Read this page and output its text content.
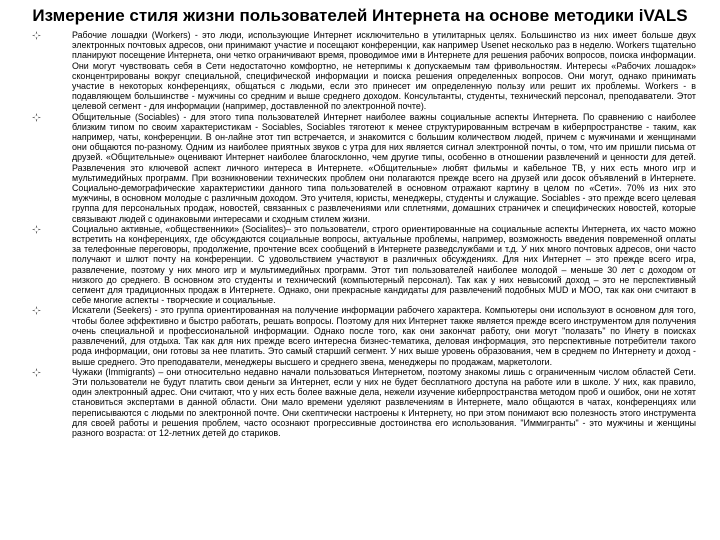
Измерение стиля жизни пользователей Интернета на основе методики iVALS
Рабочие лошадки (Workers) - это люди, использующие Интернет исключительно в утилитарных целях. Большинство из них имеет больше двух электронных почтовых адресов, они принимают участие и посещают конференции, как например Usenet несколько раз в неделю. Workers тщательно планируют посещение Интернета, они четко ограничивают время, проводимое ими в Интернете для решения рабочих вопросов, поиска информации. Они могут чувствовать себя в Сети недостаточно комфортно, не нетерпимы к допускаемым там фривольностям. Интересы «Рабочих лошадок» сконцентрированы вокруг специальной, специфической информации и поиска решения определенных вопросов. Они могут, однако принимать участие в некоторых конференциях, общаться с людьми, если это принесет им определенную пользу или решит их проблемы. Workers - в подавляющем большинстве - мужчины со средним и выше среднего доходом. Консультанты, студенты, технический персонал, преподаватели. Этот целевой сегмент - для информации (например, доставленной по электронной почте).
Общительные (Sociables) - для этого типа пользователей Интернет наиболее важны социальные аспекты Интернета. По сравнению с наиболее близким типом по своим характеристикам - Sociables, Sociables тяготеют к менее структурированным встречам в киберпространстве - таким, как например, чаты, конференции. В он-лайне этот тип встречается, и знакомится с большим количеством людей, причем с мужчинами и женщинами они общаются по-разному. Одним из наиболее приятных звуков с утра для них является сигнал электронной почты, о том, что им пришли письма от друзей. «Общительные» оценивают Интернет наиболее благосклонно, чем другие типы, особенно в отношении развлечений и ценности для детей. Развлечения это ключевой аспект личного интереса в Интернете. «Общительные» любят фильмы и кабельное ТВ, у них есть много игр и мультимедийных программ. При возникновении технических проблем они полагаются прежде всего на друзей или досок объявлений в Интернете. Социально-демографические характеристики данного типа пользователей в основном отражают картину в целом по «Сети». 70% из них это мужчины, в основном молодые с различным доходом. Это учителя, юристы, менеджеры, студенты и служащие. Sociables - это прежде всего целевая группа для персональных продаж, новостей, связанных с развлечениями или сплетнями, домашних страничек и специфических новостей, которые связывают людей с одинаковыми интересами и сходным стилем жизни.
Социально активные, «общественники» (Socialites)– это пользователи, строго ориентированные на социальные аспекты Интернета, их часто можно встретить на конференциях, где обсуждаются социальные вопросы, актуальные проблемы, например, возможность введения повременной оплаты за телефонные переговоры, продолжение, прочтение всех сообщений в Интернете разведслужбами и т.д. У них много почтовых адресов, они часто получают и шлют почту на конференции. С удовольствием участвуют в различных обсуждениях. Для них Интернет – это прежде всего игра, развлечение, поэтому у них много игр и мультимедийных программ. Этот тип пользователей наиболее молодой – меньше 30 лет с доходом от низкого до среднего. В основном это студенты и технический (компьютерный персонал). Так как у них невысокий доход – это не перспективный сегмент для традиционных продаж в Интернете. Однако, они прекрасные кандидаты для развлечений подобных MUD и MOO, так как они считают в себе многие аспекты - творческие и социальные.
Искатели (Seekers) - это группа ориентированная на получение информации рабочего характера. Компьютеры они используют в основном для того, чтобы более эффективно и быстро работать, решать вопросы. Поэтому для них Интернет также является прежде всего инструментом для получения очень специальной и профессиональной информации. Однако после того, как они закончат работу, они могут "полазать" по Инету в поисках развлечений, для отдыха. Так как для них прежде всего интересна бизнес-тематика, деловая информация, это перспективные потребители такого рода информации, они готовы за нее платить. Это самый старший сегмент. У них выше уровень образования, чем в среднем по Интернету и доход - выше среднего. Это преподаватели, менеджеры высшего и среднего звена, менеджеры по продажам, маркетологи.
Чужаки (Immigrants) – они относительно недавно начали пользоваться Интернетом, поэтому знакомы лишь с ограниченным числом областей Сети. Эти пользователи не будут платить свои деньги за Интернет, если у них не будет бесплатного доступа на работе или в школе. У них, как правило, один электронный адрес. Они считают, что у них есть более важные дела, нежели изучение киберпространства методом проб и ошибок, они не хотят становиться экспертами в данной области. Они мало времени уделяют развлечениям в Интернете, мало общаются в чатах, конференциях или переписываются с людьми по электронной почте. Они скептически настроены к Интернету, но при этом понимают всю полезность этого инструмента для своей работы и решения проблем, часто осознают прогрессивные достоинства его использования. "Иммигранты" - это мужчины и женщины разного возраста: от 12-летних детей до стариков.
